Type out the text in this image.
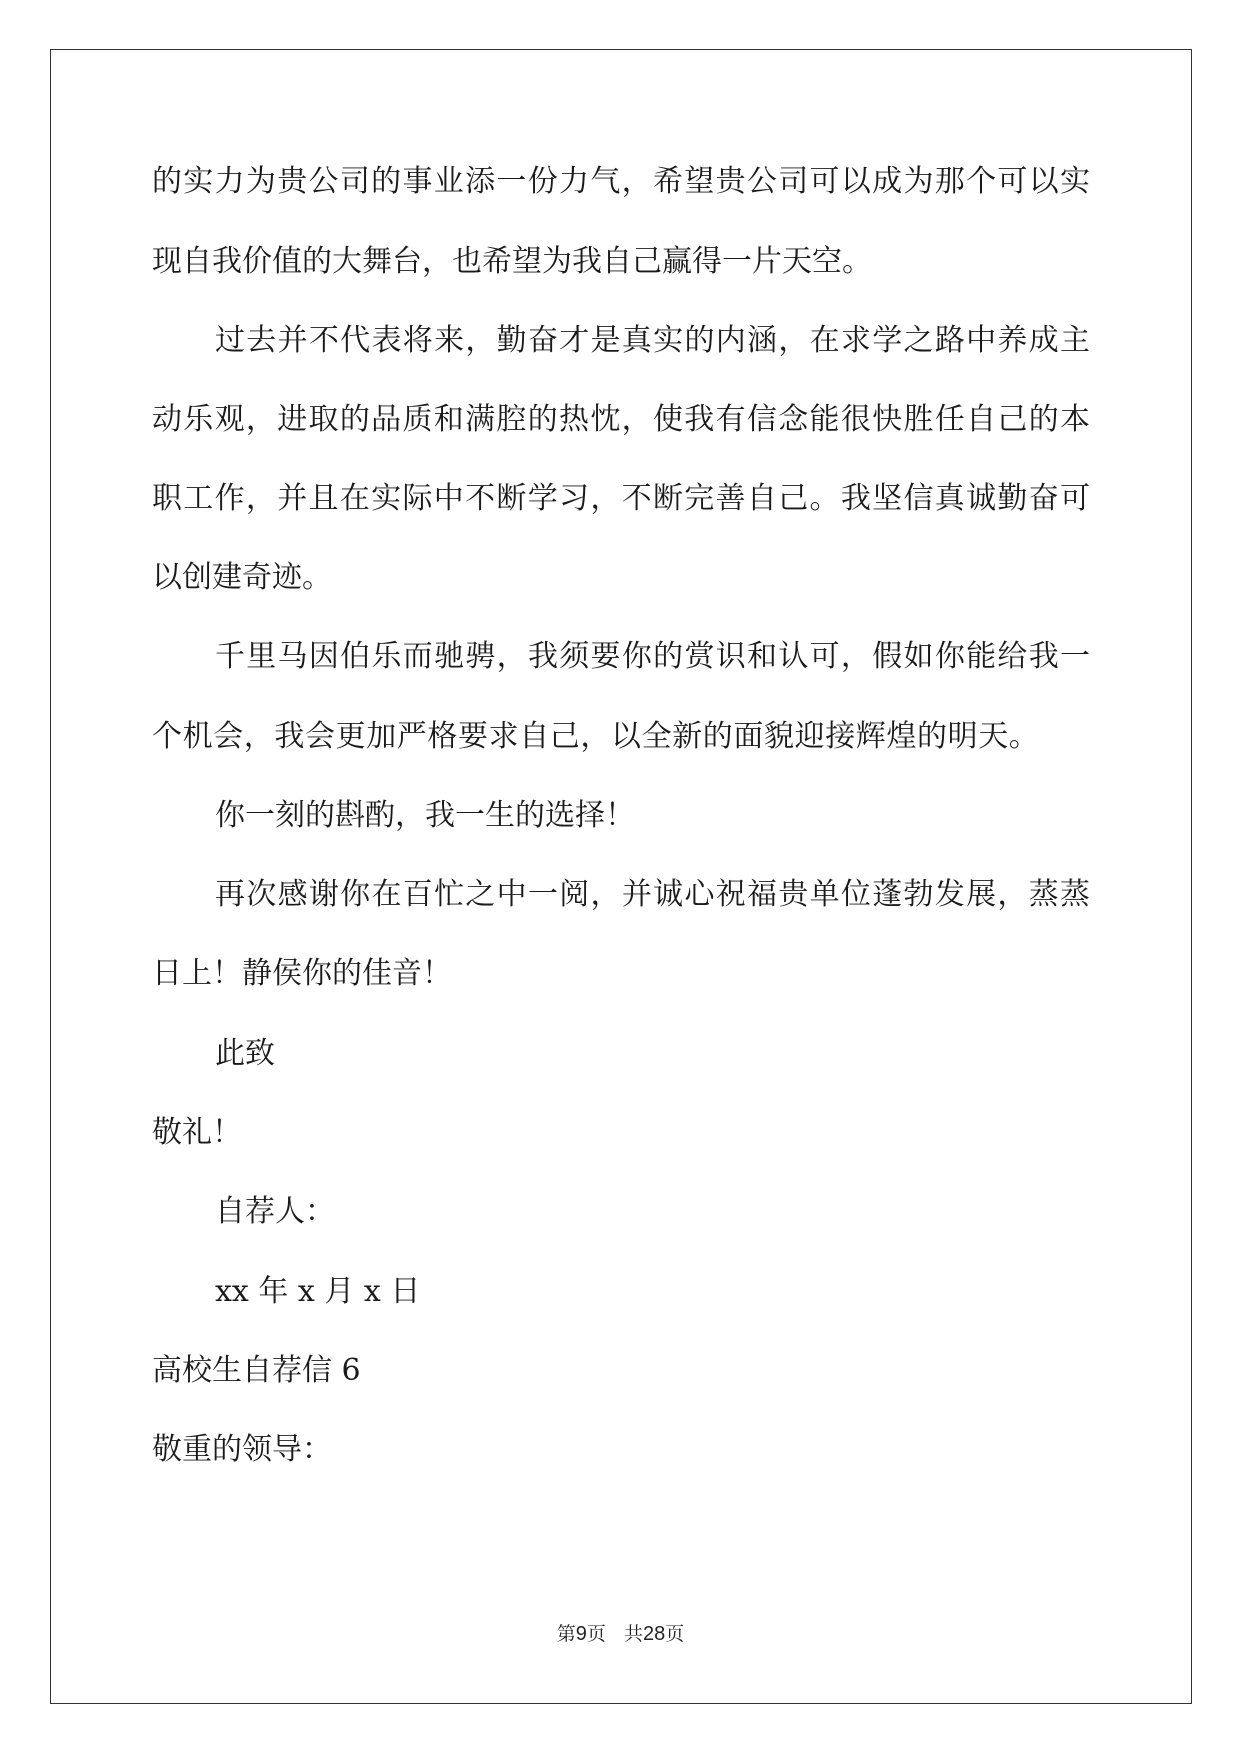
的实力为贵公司的事业添一份力气，希望贵公司可以成为那个可以实
现自我价值的大舞台，也希望为我自己赢得一片天空。
过去并不代表将来，勤奋才是真实的内涵，在求学之路中养成主
动乐观，进取的品质和满腔的热忱，使我有信念能很快胜任自己的本
职工作，并且在实际中不断学习，不断完善自己。我坚信真诚勤奋可
以创建奇迹。
千里马因伯乐而驰骋，我须要你的赏识和认可，假如你能给我一
个机会，我会更加严格要求自己，以全新的面貌迎接辉煌的明天。
你一刻的斟酌，我一生的选择！
再次感谢你在百忙之中一阅，并诚心祝福贵单位蓬勃发展，蒸蒸
日上！静侯你的佳音！
此致
敬礼！
自荐人：
xx 年 x 月 x 日
高校生自荐信 6
敬重的领导：
第9页 共28页
